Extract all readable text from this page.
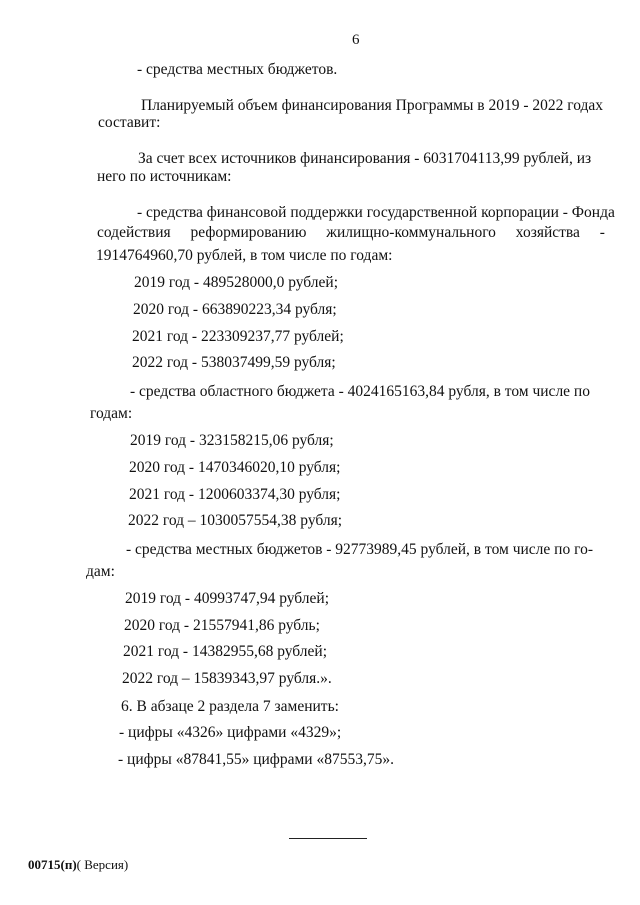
6
- средства местных бюджетов.
Планируемый объем финансирования Программы в 2019 - 2022 годах
составит:
За счет всех источников финансирования - 6031704113,99 рублей, из
него по источникам:
- средства финансовой поддержки государственной корпорации - Фонда
содействия реформированию жилищно-коммунального хозяйства -
1914764960,70 рублей, в том числе по годам:
2019 год - 489528000,0 рублей;
2020 год - 663890223,34 рубля;
2021 год - 223309237,77 рублей;
2022 год - 538037499,59 рубля;
- средства областного бюджета - 4024165163,84 рубля, в том числе по
годам:
2019 год - 323158215,06 рубля;
2020 год - 1470346020,10 рубля;
2021 год - 1200603374,30 рубля;
2022 год – 1030057554,38 рубля;
- средства местных бюджетов - 92773989,45 рублей, в том числе по го-
дам:
2019 год - 40993747,94 рублей;
2020 год - 21557941,86 рубль;
2021 год - 14382955,68 рублей;
2022 год – 15839343,97 рубля.».
6. В абзаце 2 раздела 7 заменить:
- цифры «4326» цифрами «4329»;
- цифры «87841,55» цифрами «87553,75».
00715(п)( Версия)
